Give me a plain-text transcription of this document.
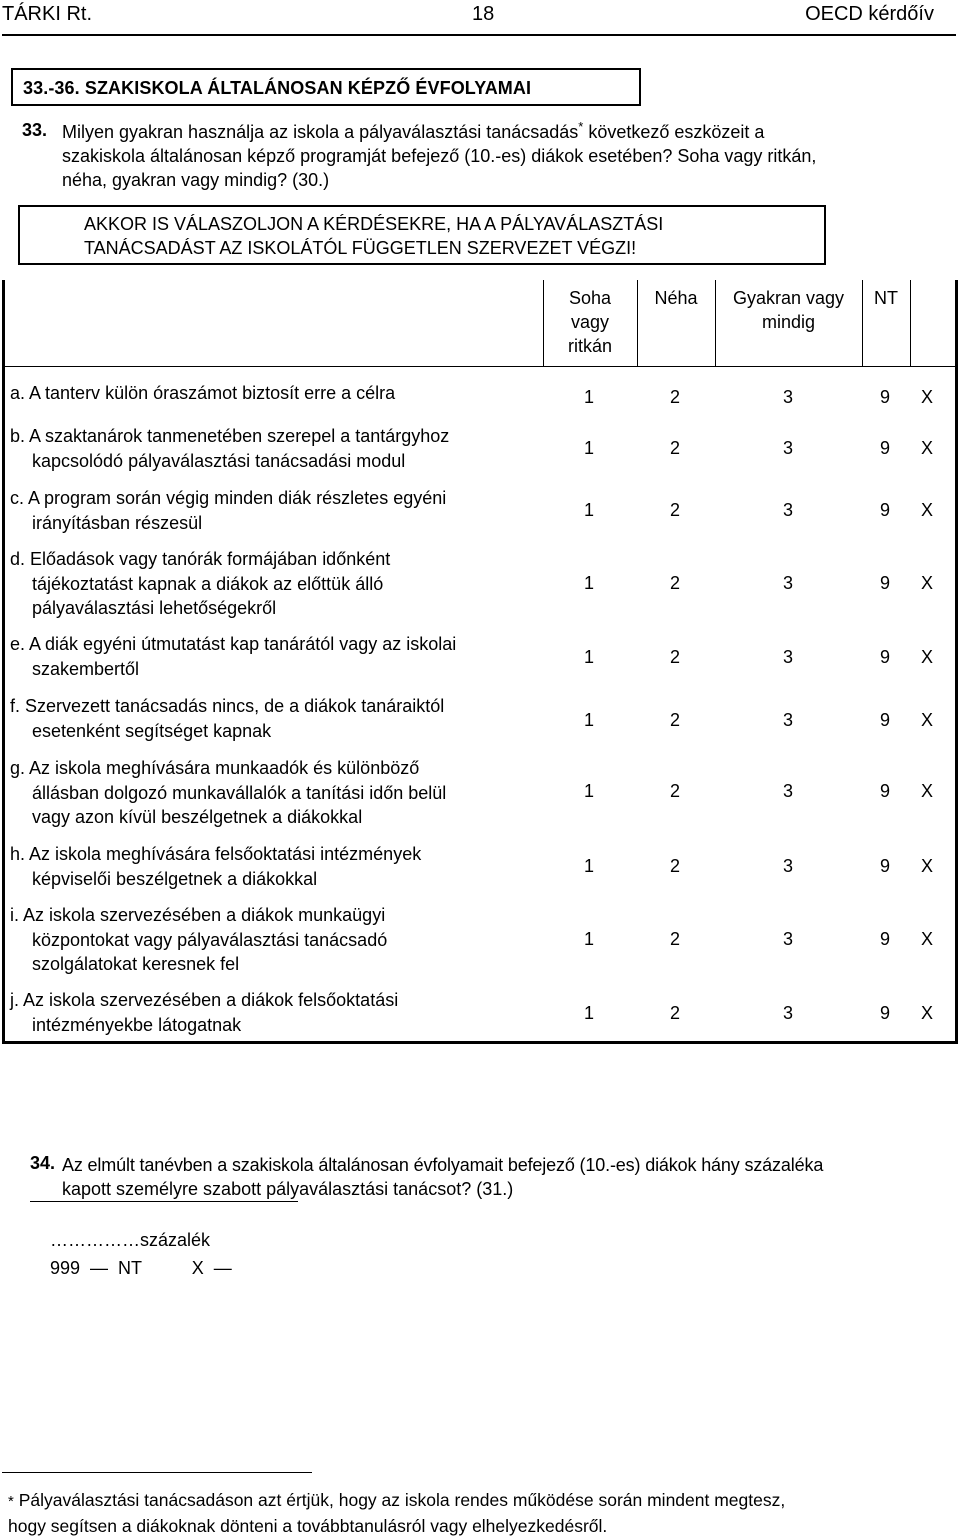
TÁRKI Rt.	18	OECD kérdőív
33.-36. SZAKISKOLA ÁLTALÁNOSAN KÉPZŐ ÉVFOLYAMAI
33. Milyen gyakran használja az iskola a pályaválasztási tanácsadás* következő eszközeit a
szakiskola általánosan képző programját befejező (10.-es) diákok esetében? Soha vagy ritkán,
néha, gyakran vagy mindig? (30.)
AKKOR IS VÁLASZOLJON A KÉRDÉSEKRE, HA A PÁLYAVÁLASZTÁSI
TANÁCSADÁST AZ ISKOLÁTÓL FÜGGETLEN SZERVEZET VÉGZI!
Soha
vagy
ritkán
Néha	Gyakran vagy
mindig
NT
a. A tanterv külön óraszámot biztosít erre a célra	1	2	3	9 X
b. A szaktanárok tanmenetében szerepel a tantárgyhoz
kapcsolódó pályaválasztási tanácsadási modul
1	2	3	9 X
c. A program során végig minden diák részletes egyéni
irányításban részesül
1	2	3	9 X
d. Előadások vagy tanórák formájában időnként
tájékoztatást kapnak a diákok az előttük álló
pályaválasztási lehetőségekről
1	2	3	9 X
e. A diák egyéni útmutatást kap tanárától vagy az iskolai
szakembertől
1	2	3	9 X
f. Szervezett tanácsadás nincs, de a diákok tanáraiktól
esetenként segítséget kapnak
1	2	3	9 X
g. Az iskola meghívására munkaadók és különböző
állásban dolgozó munkavállalók a tanítási időn belül
vagy azon kívül beszélgetnek a diákokkal
1	2	3	9 X
h. Az iskola meghívására felsőoktatási intézmények
képviselői beszélgetnek a diákokkal
1	2	3	9 X
i. Az iskola szervezésében a diákok munkaügyi
központokat vagy pályaválasztási tanácsadó
szolgálatokat keresnek fel
1	2	3	9 X
j. Az iskola szervezésében a diákok felsőoktatási
intézményekbe látogatnak
1	2	3	9 X
34. Az elmúlt tanévben a szakiskola általánosan évfolyamait befejező (10.-es) diákok hány százaléka
kapott személyre szabott pályaválasztási tanácsot? (31.)
……………százalék
999  —  NT          X  —
* Pályaválasztási tanácsadáson azt értjük, hogy az iskola rendes működése során mindent megtesz,
hogy segítsen a diákoknak dönteni a továbbtanulásról vagy elhelyezkedésről.
